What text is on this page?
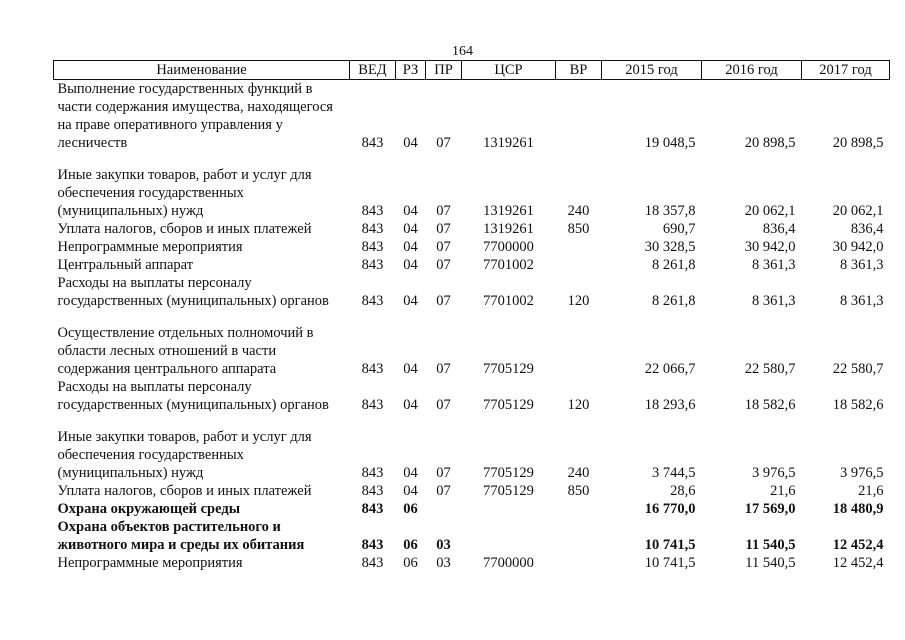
164
Наименование	ВЕД	РЗ	ПР	ЦСР	ВР	2015 год	2016 год	2017 год
Выполнение государственных функций в части содержания имущества, находящегося на праве оперативного управления у лесничеств	843	04	07	1319261		19 048,5	20 898,5	20 898,5
Иные закупки товаров, работ и услуг для обеспечения государственных (муниципальных) нужд	843	04	07	1319261	240	18 357,8	20 062,1	20 062,1
Уплата налогов, сборов и иных платежей	843	04	07	1319261	850	690,7	836,4	836,4
Непрограммные мероприятия	843	04	07	7700000		30 328,5	30 942,0	30 942,0
Центральный аппарат	843	04	07	7701002		8 261,8	8 361,3	8 361,3
Расходы на выплаты персоналу государственных (муниципальных) органов	843	04	07	7701002	120	8 261,8	8 361,3	8 361,3
Осуществление отдельных полномочий в области лесных отношений в части содержания центрального аппарата	843	04	07	7705129		22 066,7	22 580,7	22 580,7
Расходы на выплаты персоналу государственных (муниципальных) органов	843	04	07	7705129	120	18 293,6	18 582,6	18 582,6
Иные закупки товаров, работ и услуг для обеспечения государственных (муниципальных) нужд	843	04	07	7705129	240	3 744,5	3 976,5	3 976,5
Уплата налогов, сборов и иных платежей	843	04	07	7705129	850	28,6	21,6	21,6
Охрана окружающей среды	843	06				16 770,0	17 569,0	18 480,9
Охрана объектов растительного и животного мира и среды их обитания	843	06	03			10 741,5	11 540,5	12 452,4
Непрограммные мероприятия	843	06	03	7700000		10 741,5	11 540,5	12 452,4
